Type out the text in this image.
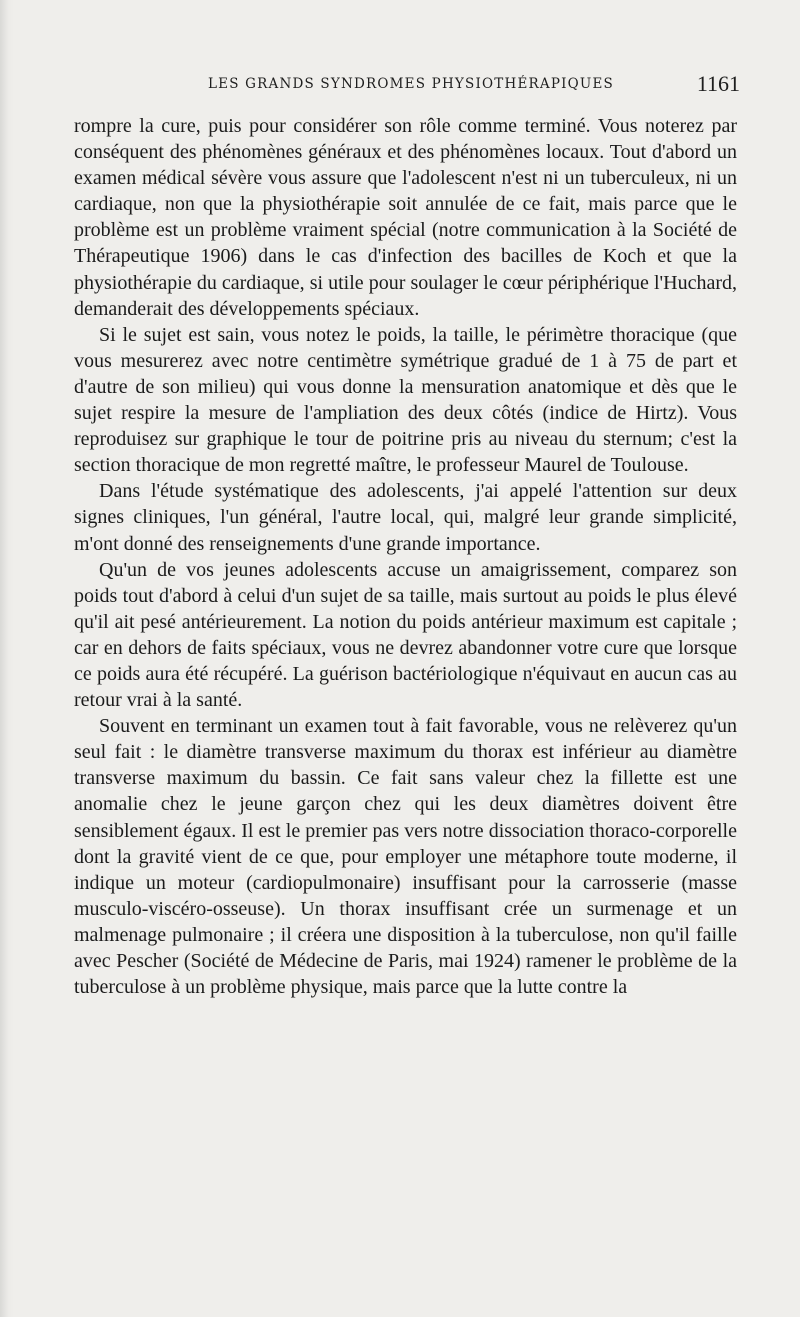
LES GRANDS SYNDROMES PHYSIOTHÉRAPIQUES	1161

rompre la cure, puis pour considérer son rôle comme terminé. Vous noterez par conséquent des phénomènes généraux et des phénomènes locaux. Tout d'abord un examen médical sévère vous assure que l'adolescent n'est ni un tuberculeux, ni un cardiaque, non que la physiothérapie soit annulée de ce fait, mais parce que le problème est un problème vraiment spécial (notre communication à la Société de Thérapeutique 1906) dans le cas d'infection des bacilles de Koch et que la physiothérapie du cardiaque, si utile pour soulager le cœur périphérique l'Huchard, demanderait des développements spéciaux.

Si le sujet est sain, vous notez le poids, la taille, le périmètre thoracique (que vous mesurerez avec notre centimètre symétrique gradué de 1 à 75 de part et d'autre de son milieu) qui vous donne la mensuration anatomique et dès que le sujet respire la mesure de l'ampliation des deux côtés (indice de Hirtz). Vous reproduisez sur graphique le tour de poitrine pris au niveau du sternum; c'est la section thoracique de mon regretté maître, le professeur Maurel de Toulouse.

Dans l'étude systématique des adolescents, j'ai appelé l'attention sur deux signes cliniques, l'un général, l'autre local, qui, malgré leur grande simplicité, m'ont donné des renseignements d'une grande importance.

Qu'un de vos jeunes adolescents accuse un amaigrissement, comparez son poids tout d'abord à celui d'un sujet de sa taille, mais surtout au poids le plus élevé qu'il ait pesé antérieurement. La notion du poids antérieur maximum est capitale ; car en dehors de faits spéciaux, vous ne devrez abandonner votre cure que lorsque ce poids aura été récupéré. La guérison bactériologique n'équivaut en aucun cas au retour vrai à la santé.

Souvent en terminant un examen tout à fait favorable, vous ne relèverez qu'un seul fait : le diamètre transverse maximum du thorax est inférieur au diamètre transverse maximum du bassin. Ce fait sans valeur chez la fillette est une anomalie chez le jeune garçon chez qui les deux diamètres doivent être sensiblement égaux. Il est le premier pas vers notre dissociation thoraco-corporelle dont la gravité vient de ce que, pour employer une métaphore toute moderne, il indique un moteur (cardiopulmonaire) insuffisant pour la carrosserie (masse musculo-viscéro-osseuse). Un thorax insuffisant crée un surmenage et un malmenage pulmonaire ; il créera une disposition à la tuberculose, non qu'il faille avec Pescher (Société de Médecine de Paris, mai 1924) ramener le problème de la tuberculose à un problème physique, mais parce que la lutte contre la
